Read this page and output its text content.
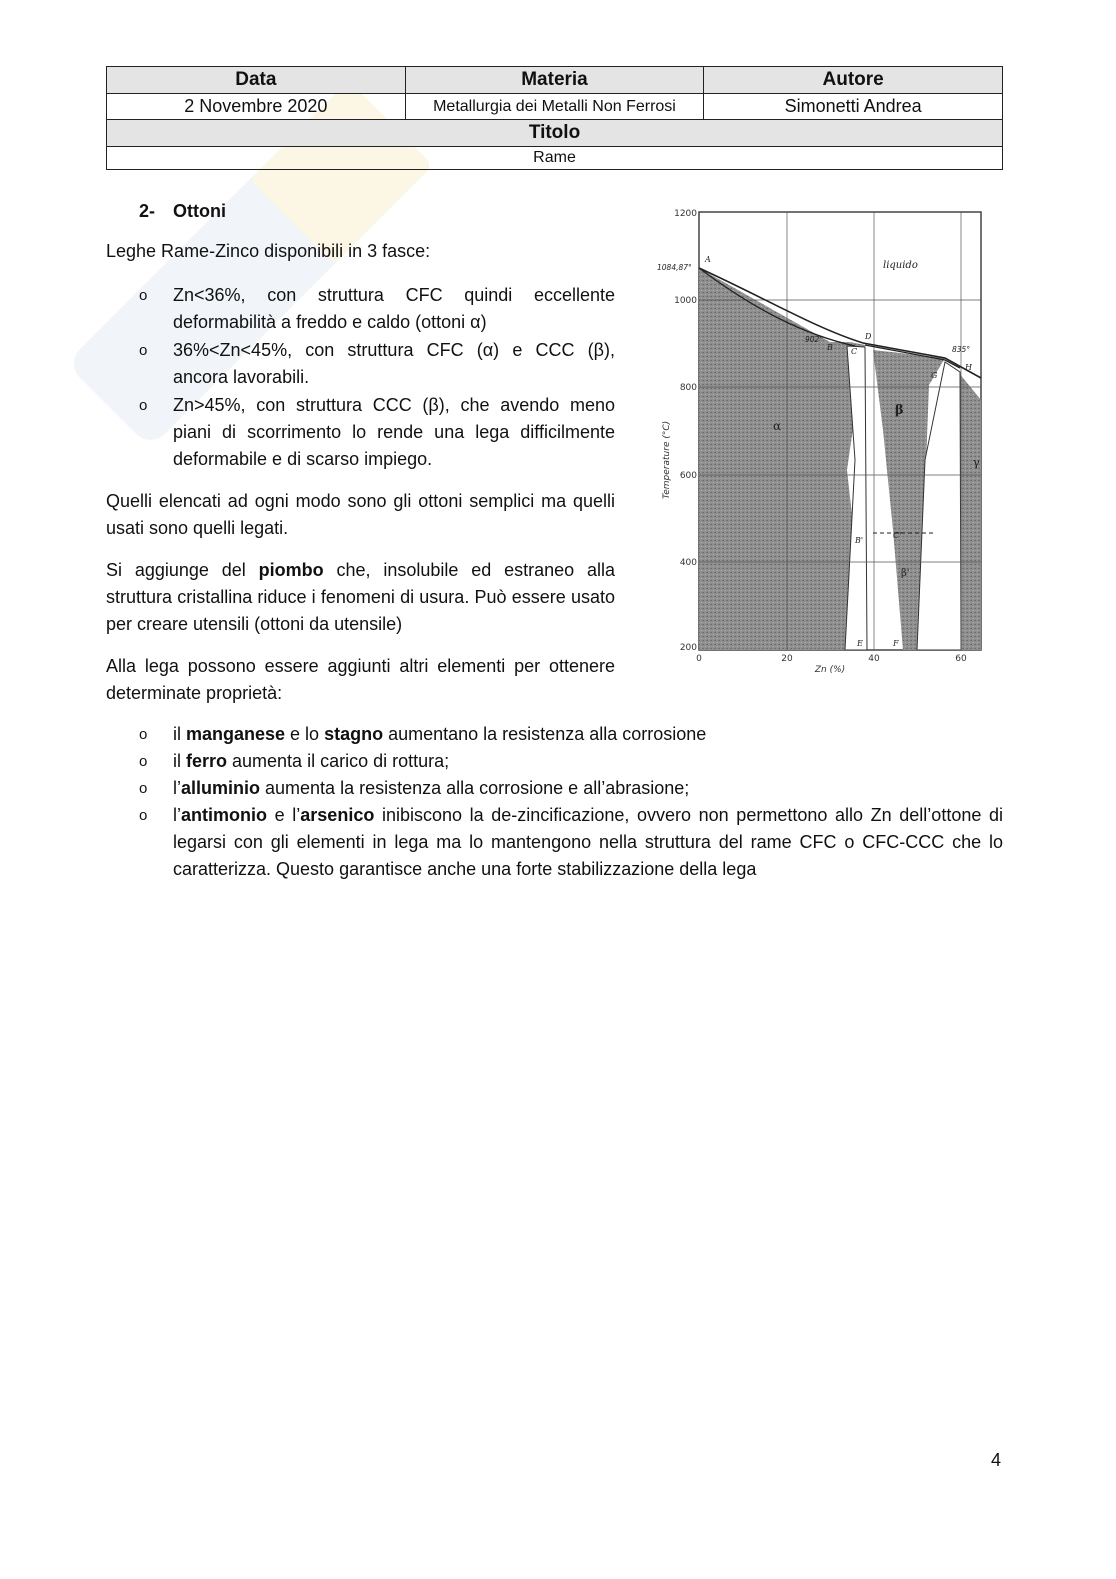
Data	Materia	Autore
2 Novembre 2020	Metallurgia dei Metalli Non Ferrosi	Simonetti Andrea
Titolo		
Rame		
2- Ottoni
Leghe Rame-Zinco disponibili in 3 fasce:
o Zn<36%, con struttura CFC quindi eccellente deformabilità a freddo e caldo (ottoni α)
o 36%<Zn<45%, con struttura CFC (α) e CCC (β), ancora lavorabili.
o Zn>45%, con struttura CCC (β), che avendo meno piani di scorrimento lo rende una lega difficilmente deformabile e di scarso impiego.
Quelli elencati ad ogni modo sono gli ottoni semplici ma quelli usati sono quelli legati.
Si aggiunge del piombo che, insolubile ed estraneo alla struttura cristallina riduce i fenomeni di usura. Può essere usato per creare utensili (ottoni da utensile)
Alla lega possono essere aggiunti altri elementi per ottenere determinate proprietà:
o il manganese e lo stagno aumentano la resistenza alla corrosione
o il ferro aumenta il carico di rottura;
o l’alluminio aumenta la resistenza alla corrosione e all’abrasione;
o l’antimonio e l’arsenico inibiscono la de-zincificazione, ovvero non permettono allo Zn dell’ottone di legarsi con gli elementi in lega ma lo mantengono nella struttura del rame CFC o CFC-CCC che lo caratterizza. Questo garantisce anche una forte stabilizzazione della lega
1200
1000
800
600
400
200
0	20	40	60
Zn (%)
Temperature (°C)
liquido
α
β
β'
γ
1084,87°
902°
835°
A
B C
D
E	F
G
H
B'
C'
4
